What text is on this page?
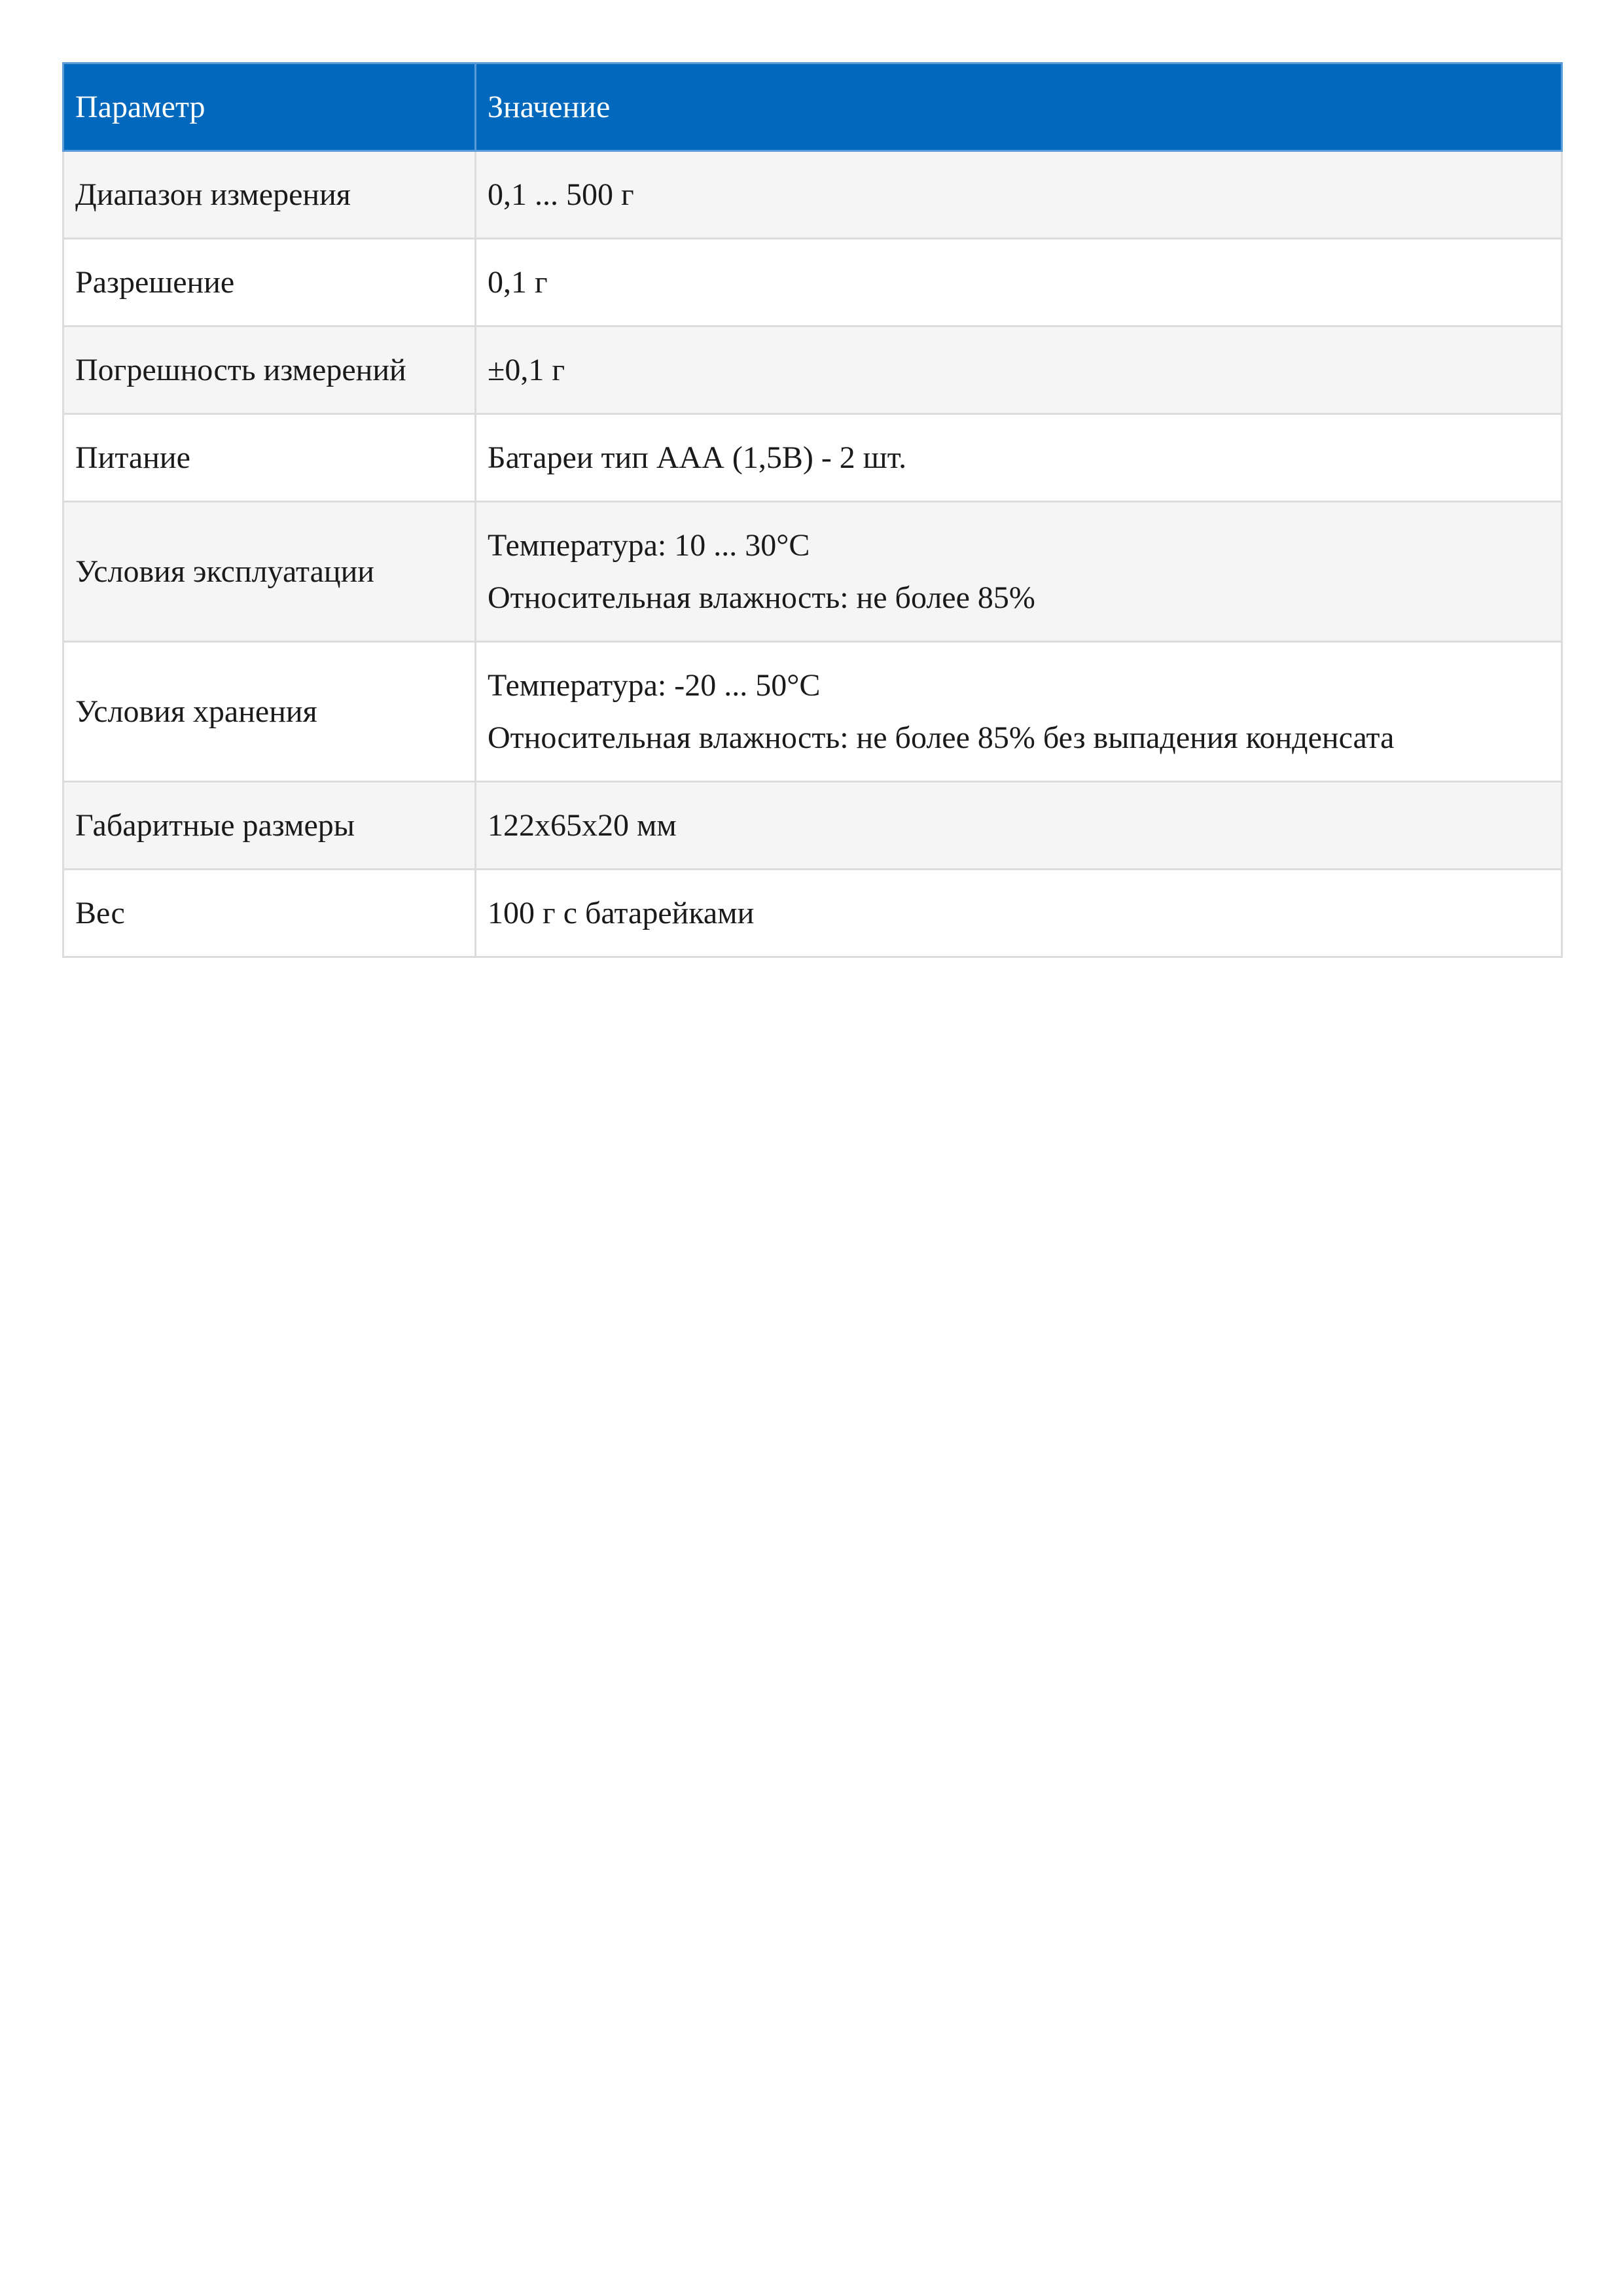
Параметр	Значение
Диапазон измерения	0,1 ... 500 г

Разрешение	0,1 г

Погрешность измерений	±0,1 г

Питание	Батареи тип ААА (1,5В) - 2 шт.

Условия эксплуатации	Температура: 10 ... 30°С
Относительная влажность: не более 85%

Условия хранения	Температура: -20 ... 50°С
Относительная влажность: не более 85% без выпадения конденсата

Габаритные размеры	122x65x20 мм

Вес	100 г с батарейками
